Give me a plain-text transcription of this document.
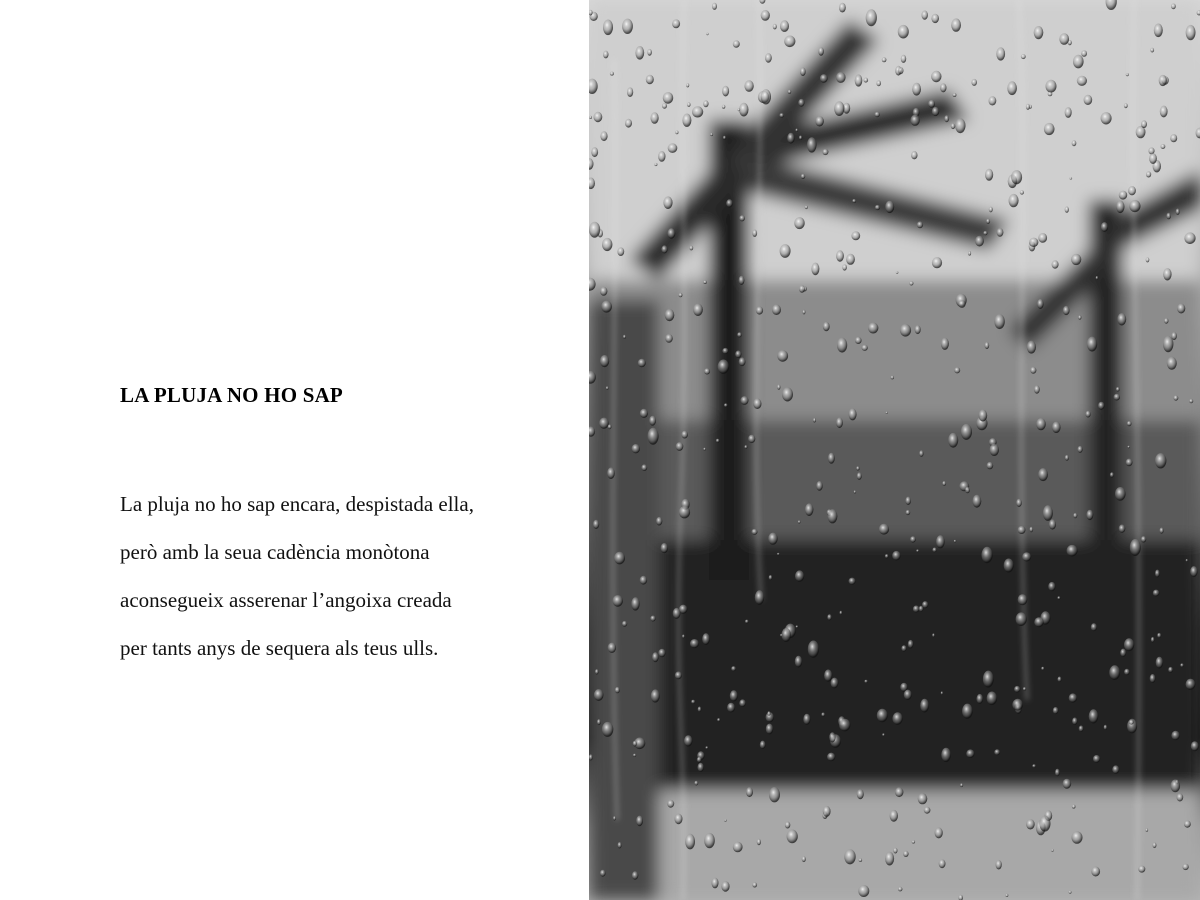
LA PLUJA NO HO SAP
La pluja no ho sap encara, despistada ella,
però amb la seua cadència monòtona
aconsegueix asserenar l’angoixa creada
per tants anys de sequera als teus ulls.
